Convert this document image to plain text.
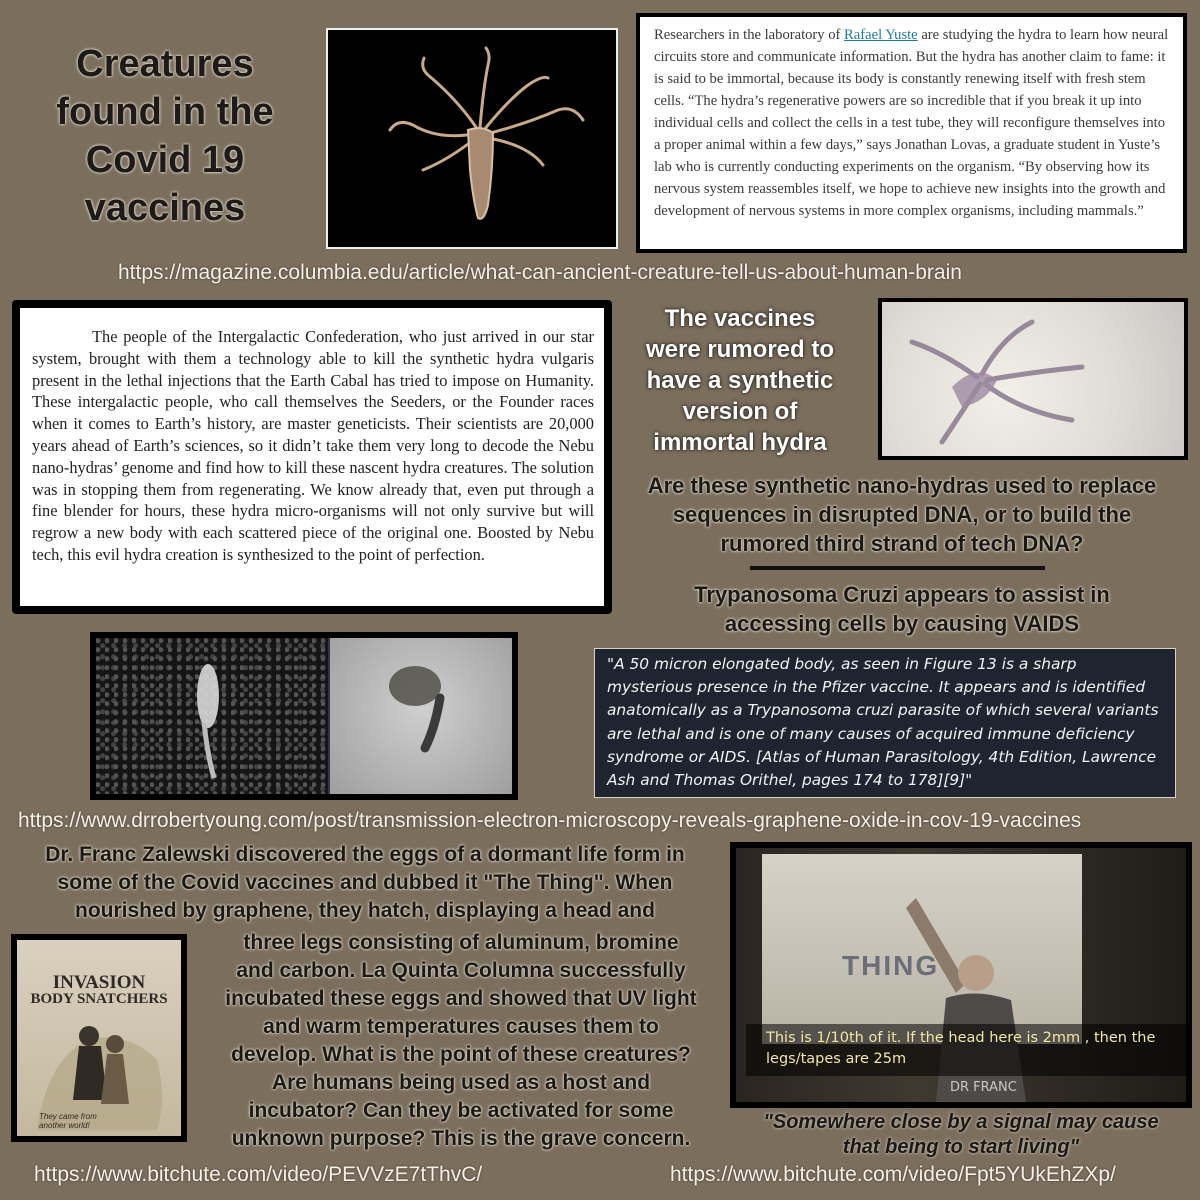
Creatures
found in the
Covid 19
vaccines
Researchers in the laboratory of Rafael Yuste are studying the hydra to learn how neural circuits store and communicate information. But the hydra has another claim to fame: it is said to be immortal, because its body is constantly renewing itself with fresh stem cells. “The hydra’s regenerative powers are so incredible that if you break it up into individual cells and collect the cells in a test tube, they will reconfigure themselves into a proper animal within a few days,” says Jonathan Lovas, a graduate student in Yuste’s lab who is currently conducting experiments on the organism. “By observing how its nervous system reassembles itself, we hope to achieve new insights into the growth and development of nervous systems in more complex organisms, including mammals.”
https://magazine.columbia.edu/article/what-can-ancient-creature-tell-us-about-human-brain
The people of the Intergalactic Confederation, who just arrived in our star system, brought with them a technology able to kill the synthetic hydra vulgaris present in the lethal injections that the Earth Cabal has tried to impose on Humanity. These intergalactic people, who call themselves the Seeders, or the Founder races when it comes to Earth’s history, are master geneticists. Their scientists are 20,000 years ahead of Earth’s sciences, so it didn’t take them very long to decode the Nebu nano-hydras’ genome and find how to kill these nascent hydra creatures. The solution was in stopping them from regenerating. We know already that, even put through a fine blender for hours, these hydra micro-organisms will not only survive but will regrow a new body with each scattered piece of the original one. Boosted by Nebu tech, this evil hydra creation is synthesized to the point of perfection.
The vaccines
were rumored to
have a synthetic
version of
immortal hydra
Are these synthetic nano-hydras used to replace
sequences in disrupted DNA, or to build the
rumored third strand of tech DNA?
Trypanosoma Cruzi appears to assist in
accessing cells by causing VAIDS
"A 50 micron elongated body, as seen in Figure 13 is a sharp mysterious presence in the Pfizer vaccine. It appears and is identified anatomically as a Trypanosoma cruzi parasite of which several variants are lethal and is one of many causes of acquired immune deficiency syndrome or AIDS. [Atlas of Human Parasitology, 4th Edition, Lawrence Ash and Thomas Orithel, pages 174 to 178][9]"
https://www.drrobertyoung.com/post/transmission-electron-microscopy-reveals-graphene-oxide-in-cov-19-vaccines
Dr. Franc Zalewski discovered the eggs of a dormant life form in
some of the Covid vaccines and dubbed it "The Thing". When
nourished by graphene, they hatch, displaying a head and
INVASION
BODY SNATCHERS
They came from another world!
three legs consisting of aluminum, bromine
and carbon. La Quinta Columna successfully
incubated these eggs and showed that UV light
and warm temperatures causes them to
develop. What is the point of these creatures?
Are humans being used as a host and
incubator? Can they be activated for some
unknown purpose? This is the grave concern.
THING
This is 1/10th of it. If the head here is 2mm , then the
legs/tapes are 25m
DR FRANC
"Somewhere close by a signal may cause
that being to start living"
https://www.bitchute.com/video/PEVVzE7tThvC/	https://www.bitchute.com/video/Fpt5YUkEhZXp/
